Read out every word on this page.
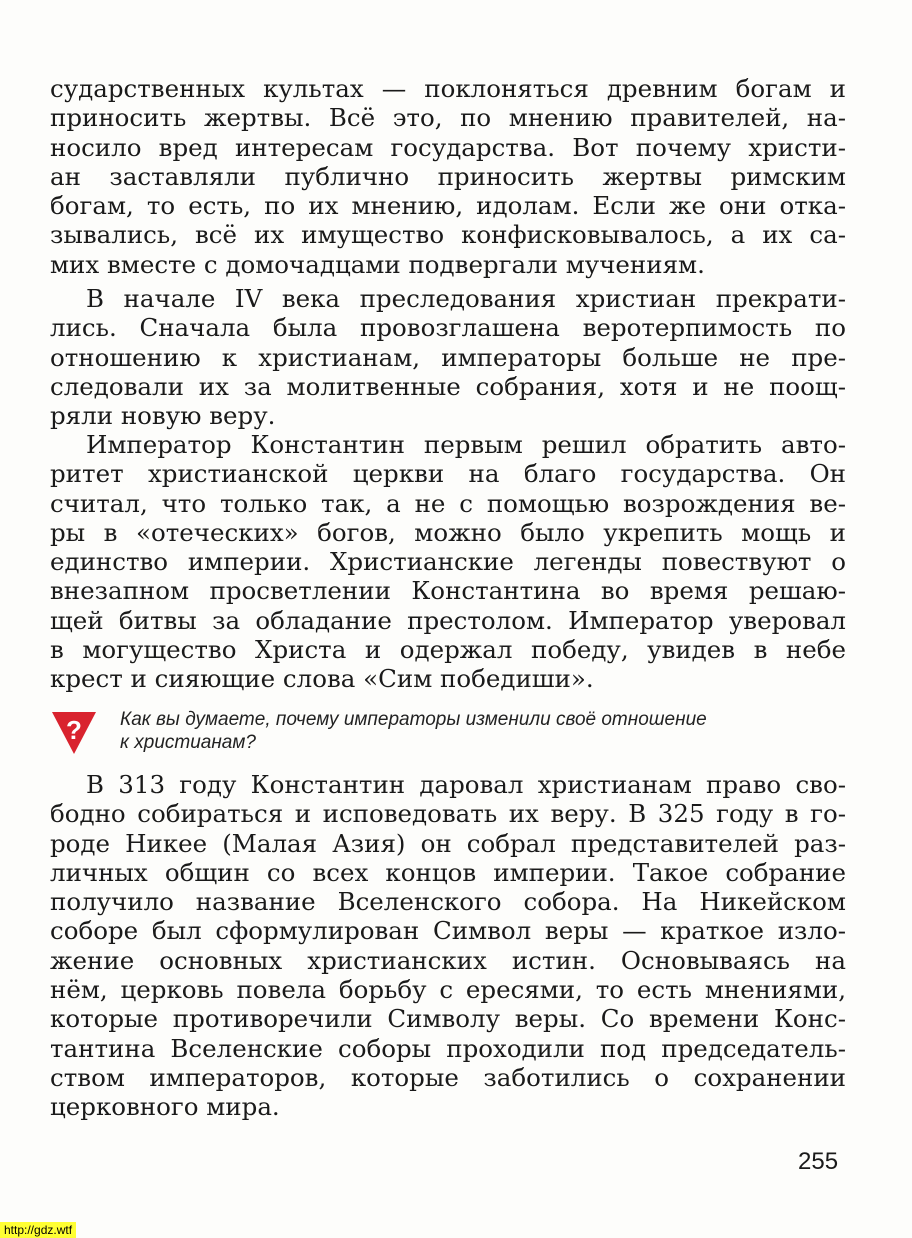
сударственных культах — поклоняться древним богам и
приносить жертвы. Всё это, по мнению правителей, на-
носило вред интересам государства. Вот почему христи-
ан заставляли публично приносить жертвы римским
богам, то есть, по их мнению, идолам. Если же они отка-
зывались, всё их имущество конфисковывалось, а их са-
мих вместе с домочадцами подвергали мучениям.
В начале IV века преследования христиан прекрати-
лись. Сначала была провозглашена веротерпимость по
отношению к христианам, императоры больше не пре-
следовали их за молитвенные собрания, хотя и не поощ-
ряли новую веру.
Император Константин первым решил обратить авто-
ритет христианской церкви на благо государства. Он
считал, что только так, а не с помощью возрождения ве-
ры в «отеческих» богов, можно было укрепить мощь и
единство империи. Христианские легенды повествуют о
внезапном просветлении Константина во время решаю-
щей битвы за обладание престолом. Император уверовал
в могущество Христа и одержал победу, увидев в небе
крест и сияющие слова «Сим победиши».
? Как вы думаете, почему императоры изменили своё отношение
к христианам?
В 313 году Константин даровал христианам право сво-
бодно собираться и исповедовать их веру. В 325 году в го-
роде Никее (Малая Азия) он собрал представителей раз-
личных общин со всех концов империи. Такое собрание
получило название Вселенского собора. На Никейском
соборе был сформулирован Символ веры — краткое изло-
жение основных христианских истин. Основываясь на
нём, церковь повела борьбу с ересями, то есть мнениями,
которые противоречили Символу веры. Со времени Конс-
тантина Вселенские соборы проходили под председатель-
ством императоров, которые заботились о сохранении
церковного мира.
255
http://gdz.wtf
